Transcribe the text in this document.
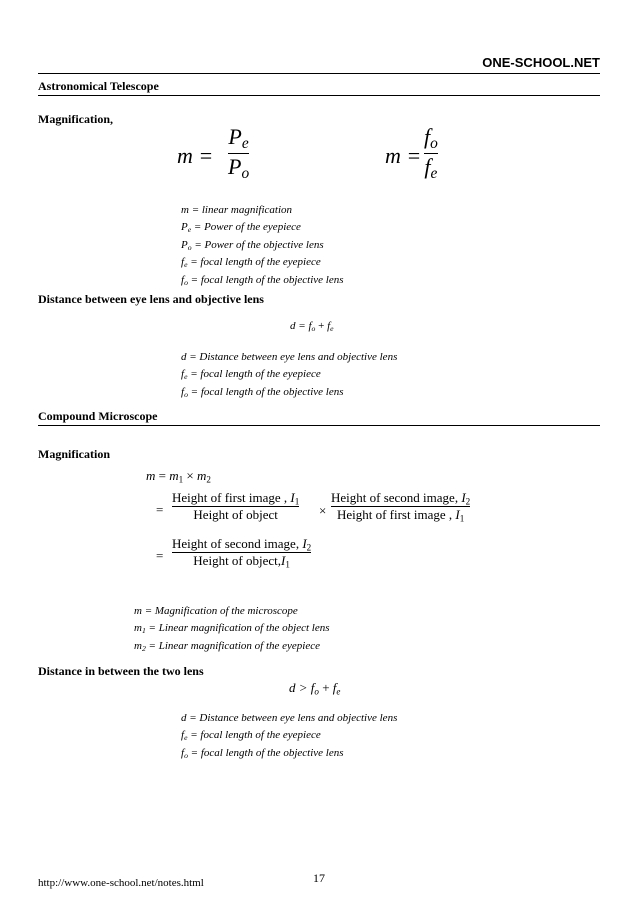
ONE-SCHOOL.NET
Astronomical Telescope
Magnification,
m =
$P_e$
$P_o$
m =
$f_o$
$f_e$
m = linear magnification
$P_e$ = Power of the eyepiece
$P_o$ = Power of the objective lens
$f_e$ = focal length of the eyepiece
$f_o$ = focal length of the objective lens
Distance between eye lens and objective lens
$d = f_o + f_e$
d = Distance between eye lens and objective lens
$f_e$ = focal length of the eyepiece
$f_o$ = focal length of the objective lens
Compound Microscope
Magnification
$m = m_1 \times m_2$
=
Height of first image , $I_1$
Height of object	×
Height of second image, $I_2$
Height of first image , $I_1$
=
Height of second image, $I_2$
Height of $object,I_1$
m = Magnification of the microscope
$m_1$ = Linear magnification of the object lens
$m_2$ = Linear magnification of the eyepiece
Distance in between the two lens
$d > f_o + f_e$
d = Distance between eye lens and objective lens
$f_e$ = focal length of the eyepiece
$f_o$ = focal length of the objective lens
http://www.one-school.net/notes.html	17
